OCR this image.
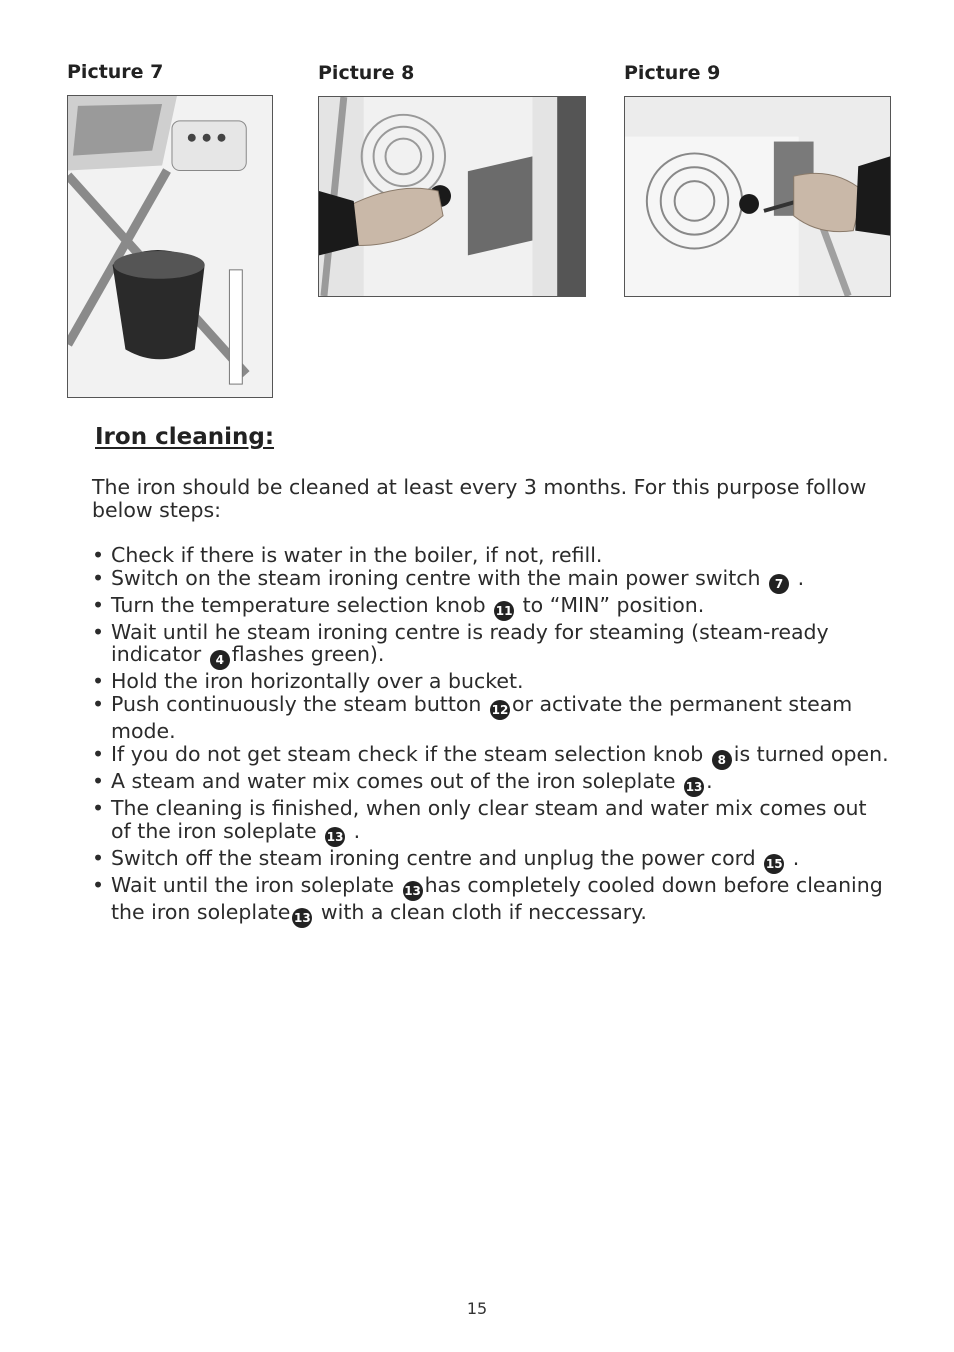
Picture 7	Picture 8	Picture 9
Iron cleaning:
The iron should be cleaned at least every 3 months. For this purpose follow below steps:
• Check if there is water in the boiler, if not, refill.
• Switch on the steam ironing centre with the main power switch 7 .
• Turn the temperature selection knob 11 to “MIN” position.
• Wait until he steam ironing centre is ready for steaming (steam-ready indicator 4 flashes green).
• Hold the iron horizontally over a bucket.
• Push continuously the steam button 12 or activate the permanent steam mode.
• If you do not get steam check if the steam selection knob 8 is turned open.
• A steam and water mix comes out of the iron soleplate 13 .
• The cleaning is finished, when only clear steam and water mix comes out of the iron soleplate 13 .
• Switch off the steam ironing centre and unplug the power cord 15 .
• Wait until the iron soleplate 13 has completely cooled down before cleaning the iron soleplate 13 with a clean cloth if neccessary.
15
